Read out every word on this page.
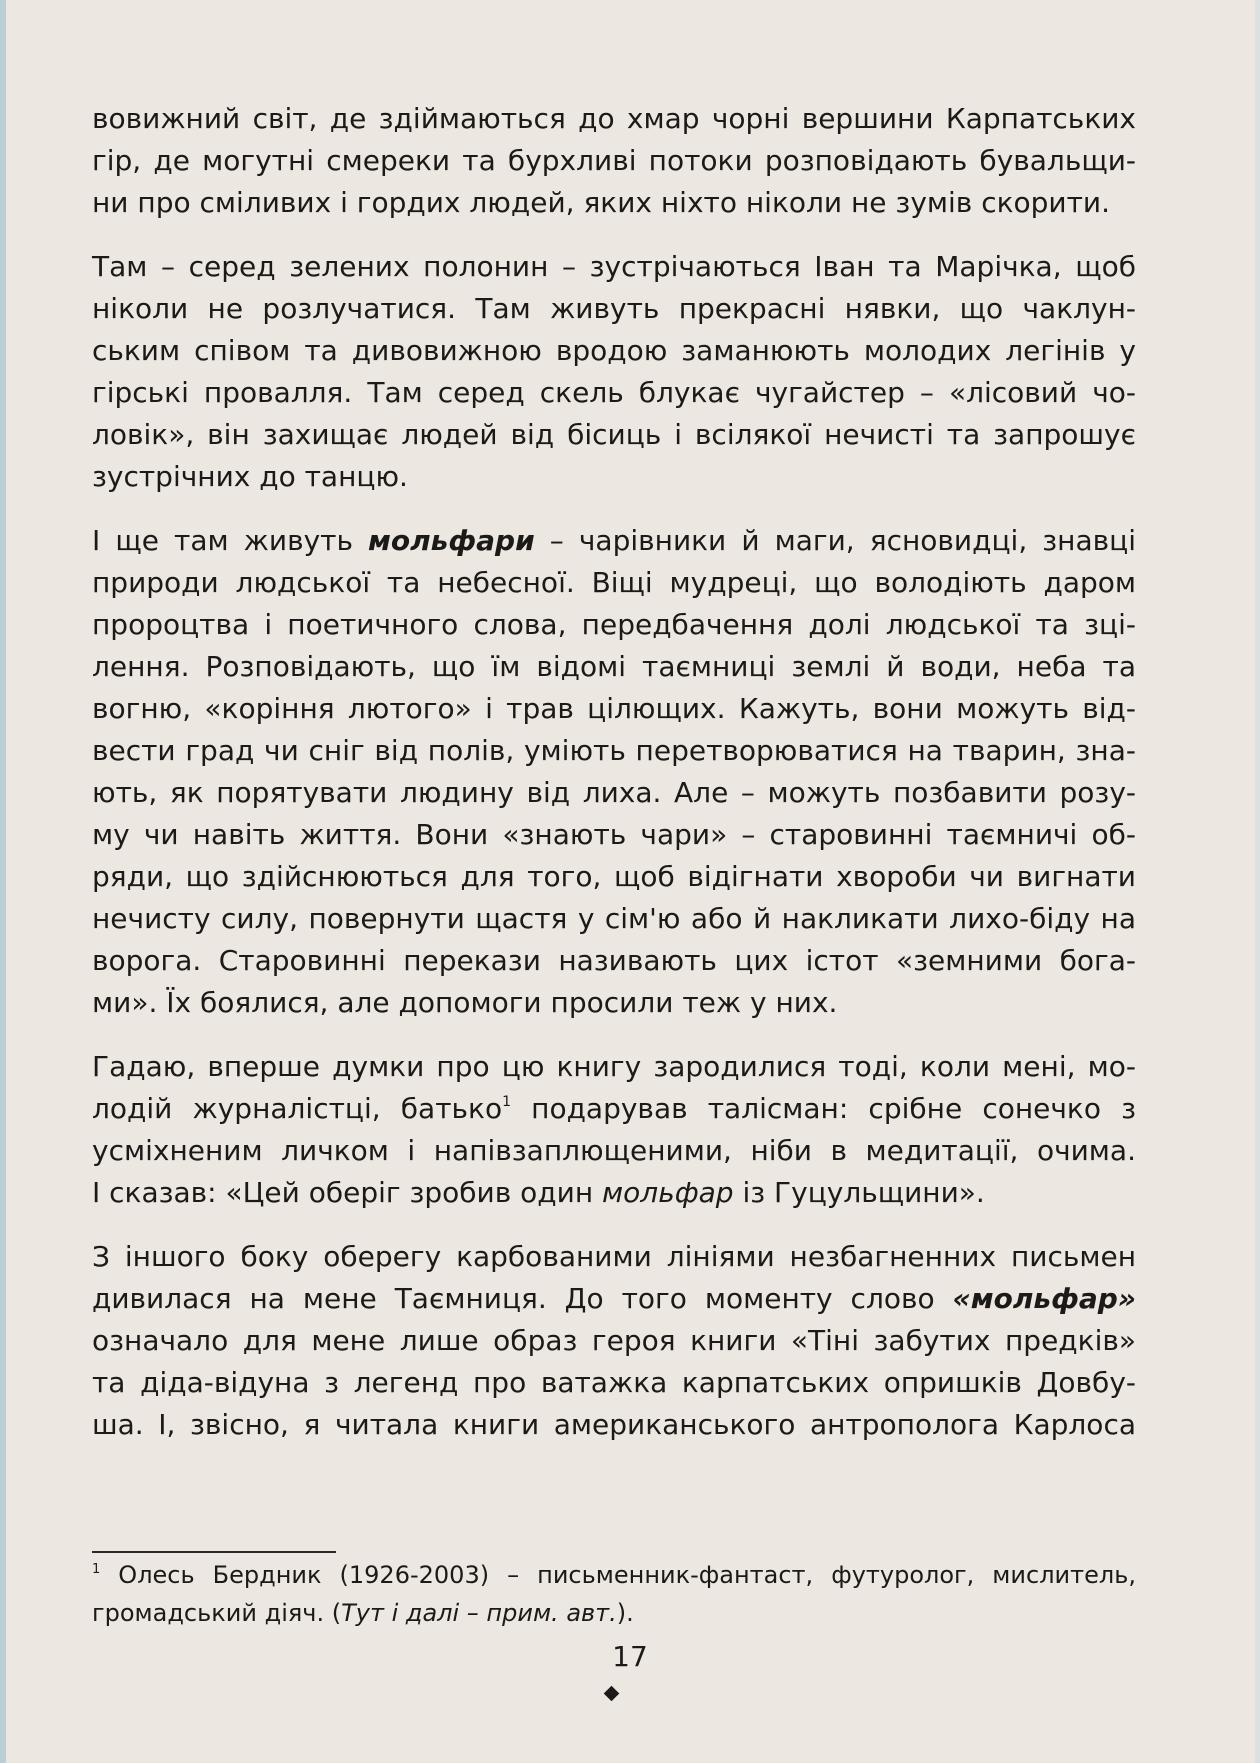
вовижний світ, де здіймаються до хмар чорні вершини Карпатських
гір, де могутні смереки та бурхливі потоки розповідають бувальщи-
ни про сміливих і гордих людей, яких ніхто ніколи не зумів скорити.

Там – серед зелених полонин – зустрічаються Іван та Марічка, щоб
ніколи не розлучатися. Там живуть прекрасні нявки, що чаклун-
ським співом та дивовижною вродою заманюють молодих легінів у
гірські провалля. Там серед скель блукає чугайстер – «лісовий чо-
ловік», він захищає людей від бісиць і всілякої нечисті та запрошує
зустрічних до танцю.

І ще там живуть мольфари – чарівники й маги, ясновидці, знавці
природи людської та небесної. Віщі мудреці, що володіють даром
пророцтва і поетичного слова, передбачення долі людської та зці-
лення. Розповідають, що їм відомі таємниці землі й води, неба та
вогню, «коріння лютого» і трав цілющих. Кажуть, вони можуть від-
вести град чи сніг від полів, уміють перетворюватися на тварин, зна-
ють, як порятувати людину від лиха. Але – можуть позбавити розу-
му чи навіть життя. Вони «знають чари» – старовинні таємничі об-
ряди, що здійснюються для того, щоб відігнати хвороби чи вигнати
нечисту силу, повернути щастя у сім'ю або й накликати лихо-біду на
ворога. Старовинні перекази називають цих істот «земними бога-
ми». Їх боялися, але допомоги просили теж у них.

Гадаю, вперше думки про цю книгу зародилися тоді, коли мені, мо-
лодій журналістці, батько$^1$ подарував талісман: срібне сонечко з
усміхненим личком і напівзаплющеними, ніби в медитації, очима.
І сказав: «Цей оберіг зробив один мольфар із Гуцульщини».

З іншого боку оберегу карбованими лініями незбагненних письмен
дивилася на мене Таємниця. До того моменту слово «мольфар»
означало для мене лише образ героя книги «Тіні забутих предків»
та діда-відуна з легенд про ватажка карпатських опришків Довбу-
ша. І, звісно, я читала книги американського антрополога Карлоса

$^1$ Олесь Бердник (1926-2003) – письменник-фантаст, футуролог, мислитель,
громадський діяч. (Тут і далі – прим. авт.).
17
